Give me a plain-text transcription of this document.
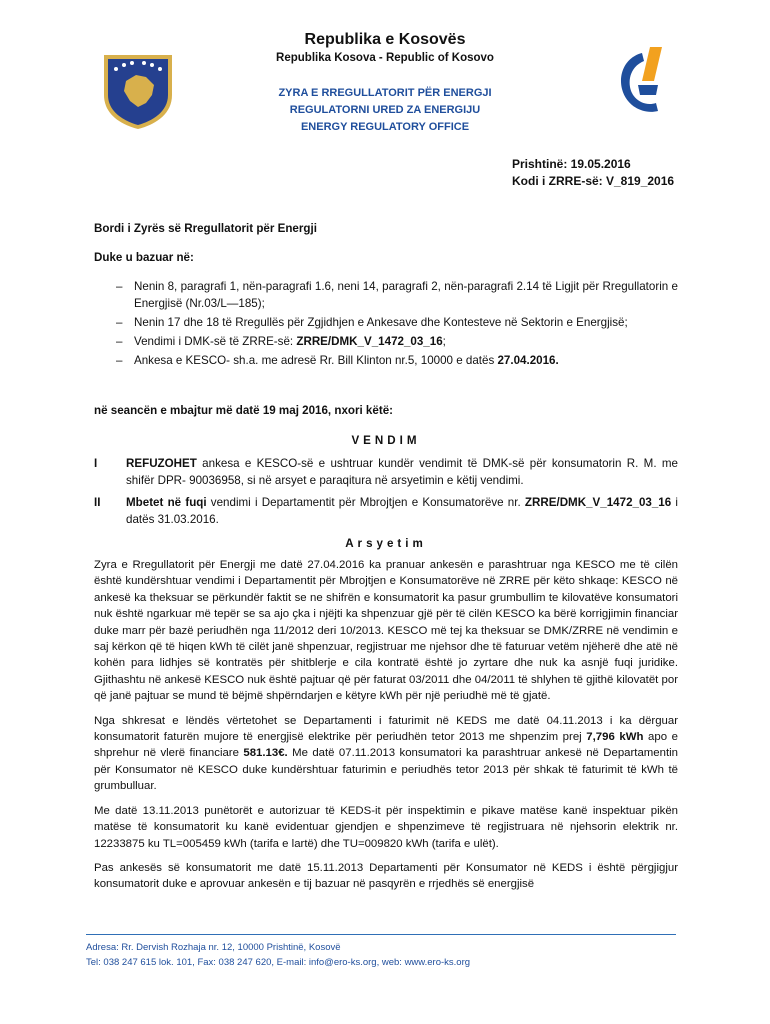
Republika e Kosovës
Republika Kosova - Republic of Kosovo
ZYRA E RREGULLATORIT PËR ENERGJI
REGULATORNI URED ZA ENERGIJU
ENERGY REGULATORY OFFICE
Prishtinë: 19.05.2016
Kodi i ZRRE-së: V_819_2016
Bordi i Zyrës së Rregullatorit për Energji
Duke u bazuar në:
– Nenin 8, paragrafi 1, nën-paragrafi 1.6, neni 14, paragrafi 2, nën-paragrafi 2.14 të Ligjit për Rregullatorin e Energjisë (Nr.03/L—185);
– Nenin 17 dhe 18 të Rregullës për Zgjidhjen e Ankesave dhe Kontesteve në Sektorin e Energjisë;
– Vendimi i DMK-së të ZRRE-së: ZRRE/DMK_V_1472_03_16;
– Ankesa e KESCO- sh.a. me adresë Rr. Bill Klinton nr.5, 10000 e datës 27.04.2016.
në seancën e mbajtur më datë 19 maj 2016, nxori këtë:
VENDIM
I REFUZOHET ankesa e KESCO-së e ushtruar kundër vendimit të DMK-së për konsumatorin R. M. me shifër DPR- 90036958, si në arsyet e paraqitura në arsyetimin e këtij vendimi.
II Mbetet në fuqi vendimi i Departamentit për Mbrojtjen e Konsumatorëve nr. ZRRE/DMK_V_1472_03_16 i datës 31.03.2016.
Arsyetim
Zyra e Rregullatorit për Energji me datë 27.04.2016 ka pranuar ankesën e parashtruar nga KESCO me të cilën është kundërshtuar vendimi i Departamentit për Mbrojtjen e Konsumatorëve në ZRRE për këto shkaqe: KESCO në ankesë ka theksuar se përkundër faktit se ne shifrën e konsumatorit ka pasur grumbullim te kilovatëve konsumatori nuk është ngarkuar më tepër se sa ajo ҫka i njëjti ka shpenzuar gjë për të cilën KESCO ka bërë korrigjimin financiar duke marr për bazë periudhën nga 11/2012 deri 10/2013. KESCO më tej ka theksuar se DMK/ZRRE në vendimin e saj kërkon që të hiqen kWh të cilët janë shpenzuar, regjistruar me njehsor dhe të faturuar vetëm njëherë dhe atë në kohën para lidhjes së kontratës për shitblerje e cila kontratë është jo zyrtare dhe nuk ka asnjë fuqi juridike. Gjithashtu në ankesë KESCO nuk është pajtuar që për faturat 03/2011 dhe 04/2011 të shlyhen të gjithë kilovatët por që janë pajtuar se mund të bëjmë shpërndarjen e këtyre kWh për një periudhë më të gjatë.
Nga shkresat e lëndës vërtetohet se Departamenti i faturimit në KEDS me datë 04.11.2013 i ka dërguar konsumatorit faturën mujore të energjisë elektrike për periudhën tetor 2013 me shpenzim prej 7,796 kWh apo e shprehur në vlerë financiare 581.13€. Me datë 07.11.2013 konsumatori ka parashtruar ankesë në Departamentin për Konsumator në KESCO duke kundërshtuar faturimin e periudhës tetor 2013 për shkak të faturimit të kWh të grumbulluar.
Me datë 13.11.2013 punëtorët e autorizuar të KEDS-it për inspektimin e pikave matëse kanë inspektuar pikën matëse të konsumatorit ku kanë evidentuar gjendjen e shpenzimeve të regjistruara në njehsorin elektrik nr. 12233875 ku TL=005459 kWh (tarifa e lartë) dhe TU=009820 kWh (tarifa e ulët).
Pas ankesës së konsumatorit me datë 15.11.2013 Departamenti për Konsumator në KEDS i është përgjigjur konsumatorit duke e aprovuar ankesën e tij bazuar në pasqyrën e rrjedhës së energjisë
Adresa: Rr. Dervish Rozhaja nr. 12, 10000 Prishtinë, Kosovë
Tel: 038 247 615 lok. 101, Fax: 038 247 620, E-mail: info@ero-ks.org, web: www.ero-ks.org
